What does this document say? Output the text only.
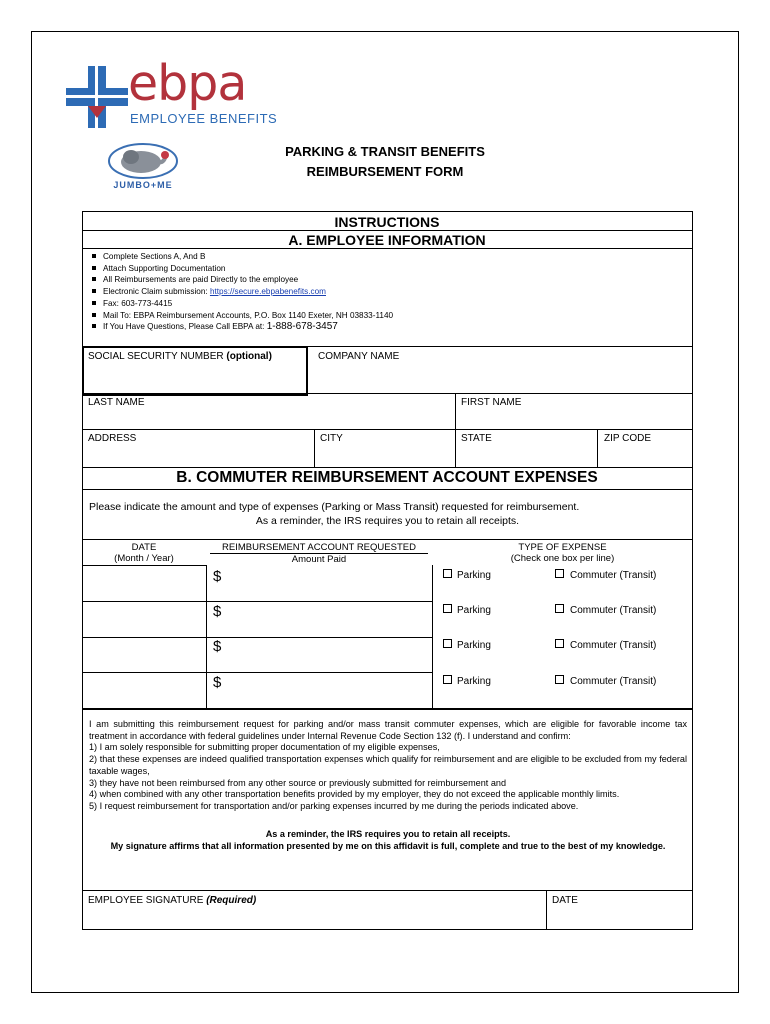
ebpa
EMPLOYEE BENEFITS
JUMBO+ME
PARKING & TRANSIT BENEFITS
REIMBURSEMENT FORM
INSTRUCTIONS
A. EMPLOYEE INFORMATION
Complete Sections A, And B
Attach Supporting Documentation
All Reimbursements are paid Directly to the employee
Electronic Claim submission: https://secure.ebpabenefits.com
Fax: 603-773-4415
Mail To: EBPA Reimbursement Accounts, P.O. Box 1140 Exeter, NH 03833-1140
If You Have Questions, Please Call EBPA at: 1-888-678-3457
SOCIAL SECURITY NUMBER (optional)	COMPANY NAME
LAST NAME	FIRST NAME
ADDRESS	CITY	STATE	ZIP CODE
B. COMMUTER REIMBURSEMENT ACCOUNT EXPENSES
Please indicate the amount and type of expenses (Parking or Mass Transit) requested for reimbursement.
As a reminder, the IRS requires you to retain all receipts.
DATE
(Month / Year)
REIMBURSEMENT ACCOUNT REQUESTED
Amount Paid
TYPE OF EXPENSE
(Check one box per line)
$	Parking	Commuter (Transit)
$	Parking	Commuter (Transit)
$	Parking	Commuter (Transit)
$	Parking	Commuter (Transit)

I am submitting this reimbursement request for parking and/or mass transit commuter expenses, which are eligible for favorable income tax treatment in accordance with federal guidelines under Internal Revenue Code Section 132 (f). I understand and confirm:

1) I am solely responsible for submitting proper documentation of my eligible expenses,

2) that these expenses are indeed qualified transportation expenses which qualify for reimbursement and are eligible to be excluded from my federal taxable wages,

3) they have not been reimbursed from any other source or previously submitted for reimbursement and

4) when combined with any other transportation benefits provided by my employer, they do not exceed the applicable monthly limits.

5) I request reimbursement for transportation and/or parking expenses incurred by me during the periods indicated above.

As a reminder, the IRS requires you to retain all receipts.
My signature affirms that all information presented by me on this affidavit is full, complete and true to the best of my knowledge.
EMPLOYEE SIGNATURE (Required)	DATE
